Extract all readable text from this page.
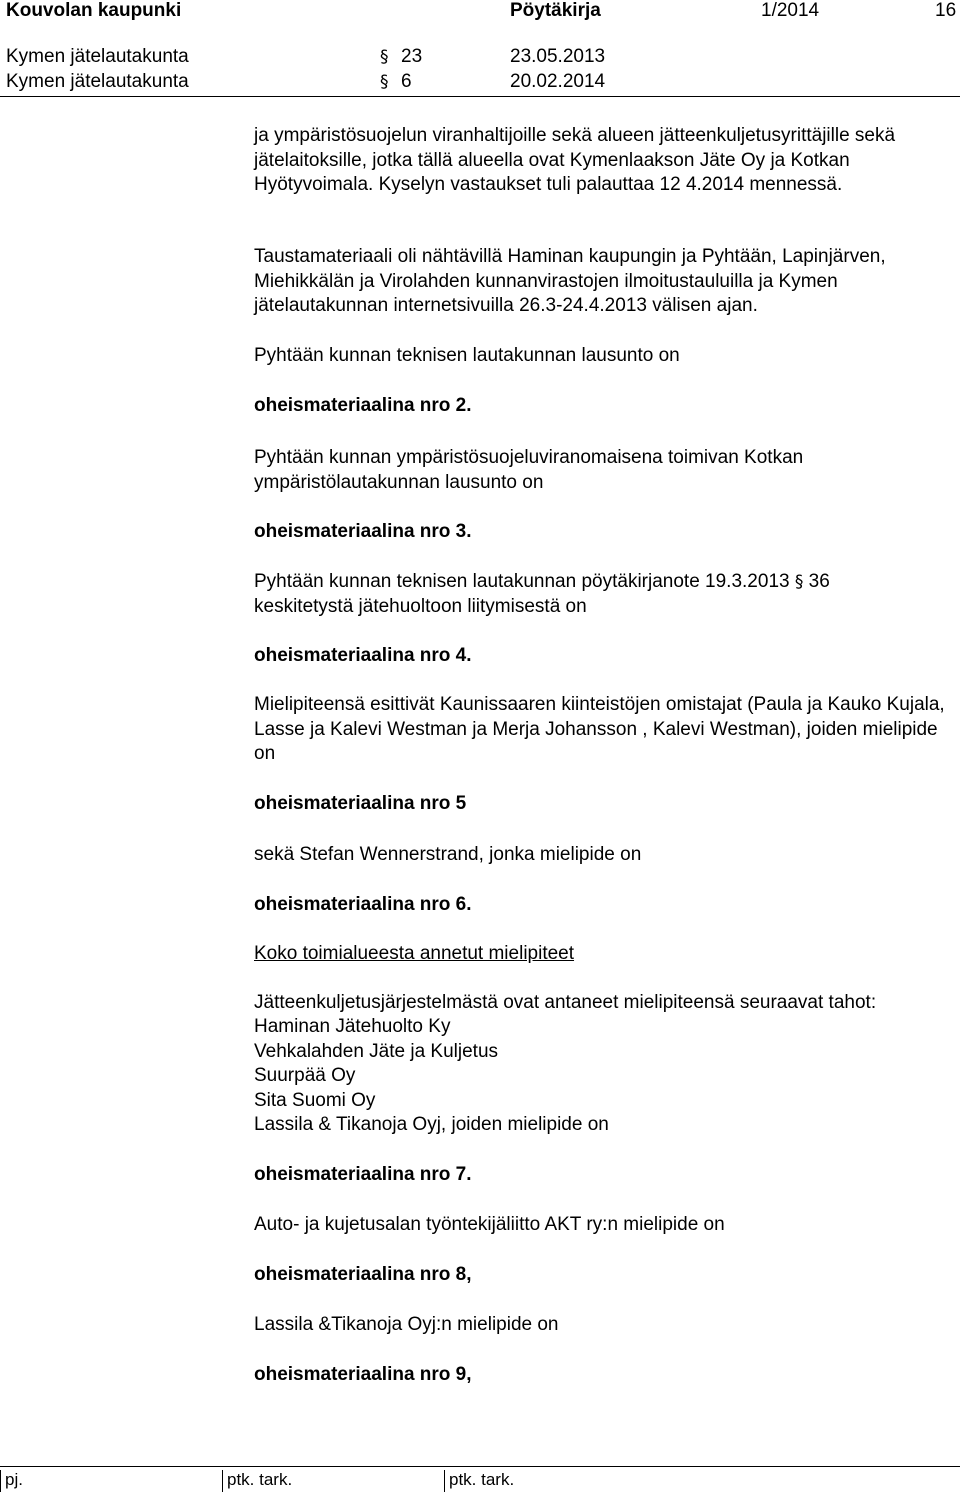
Kouvolan kaupunki	Pöytäkirja	1/2014	16
Kymen jätelautakunta	§ 23	23.05.2013
Kymen jätelautakunta	§ 6	20.02.2014
ja ympäristösuojelun viranhaltijoille sekä alueen jätteenkuljetusyrittäjille sekä jätelaitoksille, jotka tällä alueella ovat Kymenlaakson Jäte Oy ja Kotkan Hyötyvoimala. Kyselyn vastaukset tuli palauttaa 12 4.2014 mennessä.
Taustamateriaali oli nähtävillä Haminan kaupungin ja Pyhtään, Lapinjärven, Miehikkälän ja Virolahden kunnanvirastojen ilmoitustauluilla ja Kymen jätelautakunnan internetsivuilla 26.3-24.4.2013 välisen ajan.
Pyhtään kunnan teknisen lautakunnan lausunto on
oheismateriaalina nro 2.
Pyhtään kunnan ympäristösuojeluviranomaisena toimivan Kotkan ympäristölautakunnan lausunto on
oheismateriaalina nro 3.
Pyhtään kunnan teknisen lautakunnan pöytäkirjanote 19.3.2013 § 36
keskitetystä jätehuoltoon liitymisestä on
oheismateriaalina nro 4.
Mielipiteensä esittivät Kaunissaaren kiinteistöjen omistajat (Paula ja Kauko Kujala, Lasse ja Kalevi Westman ja Merja Johansson , Kalevi Westman), joiden mielipide on
oheismateriaalina nro 5
sekä Stefan Wennerstrand, jonka mielipide on
oheismateriaalina nro 6.
Koko toimialueesta annetut mielipiteet
Jätteenkuljetusjärjestelmästä ovat antaneet mielipiteensä seuraavat tahot:
Haminan Jätehuolto Ky
Vehkalahden Jäte ja Kuljetus
Suurpää Oy
Sita Suomi Oy
Lassila & Tikanoja Oyj, joiden mielipide on
oheismateriaalina nro 7.
Auto- ja kujetusalan työntekijäliitto AKT ry:n mielipide on
oheismateriaalina nro 8,
Lassila &Tikanoja Oyj:n mielipide on
oheismateriaalina nro 9,
pj.	ptk. tark.	ptk. tark.
